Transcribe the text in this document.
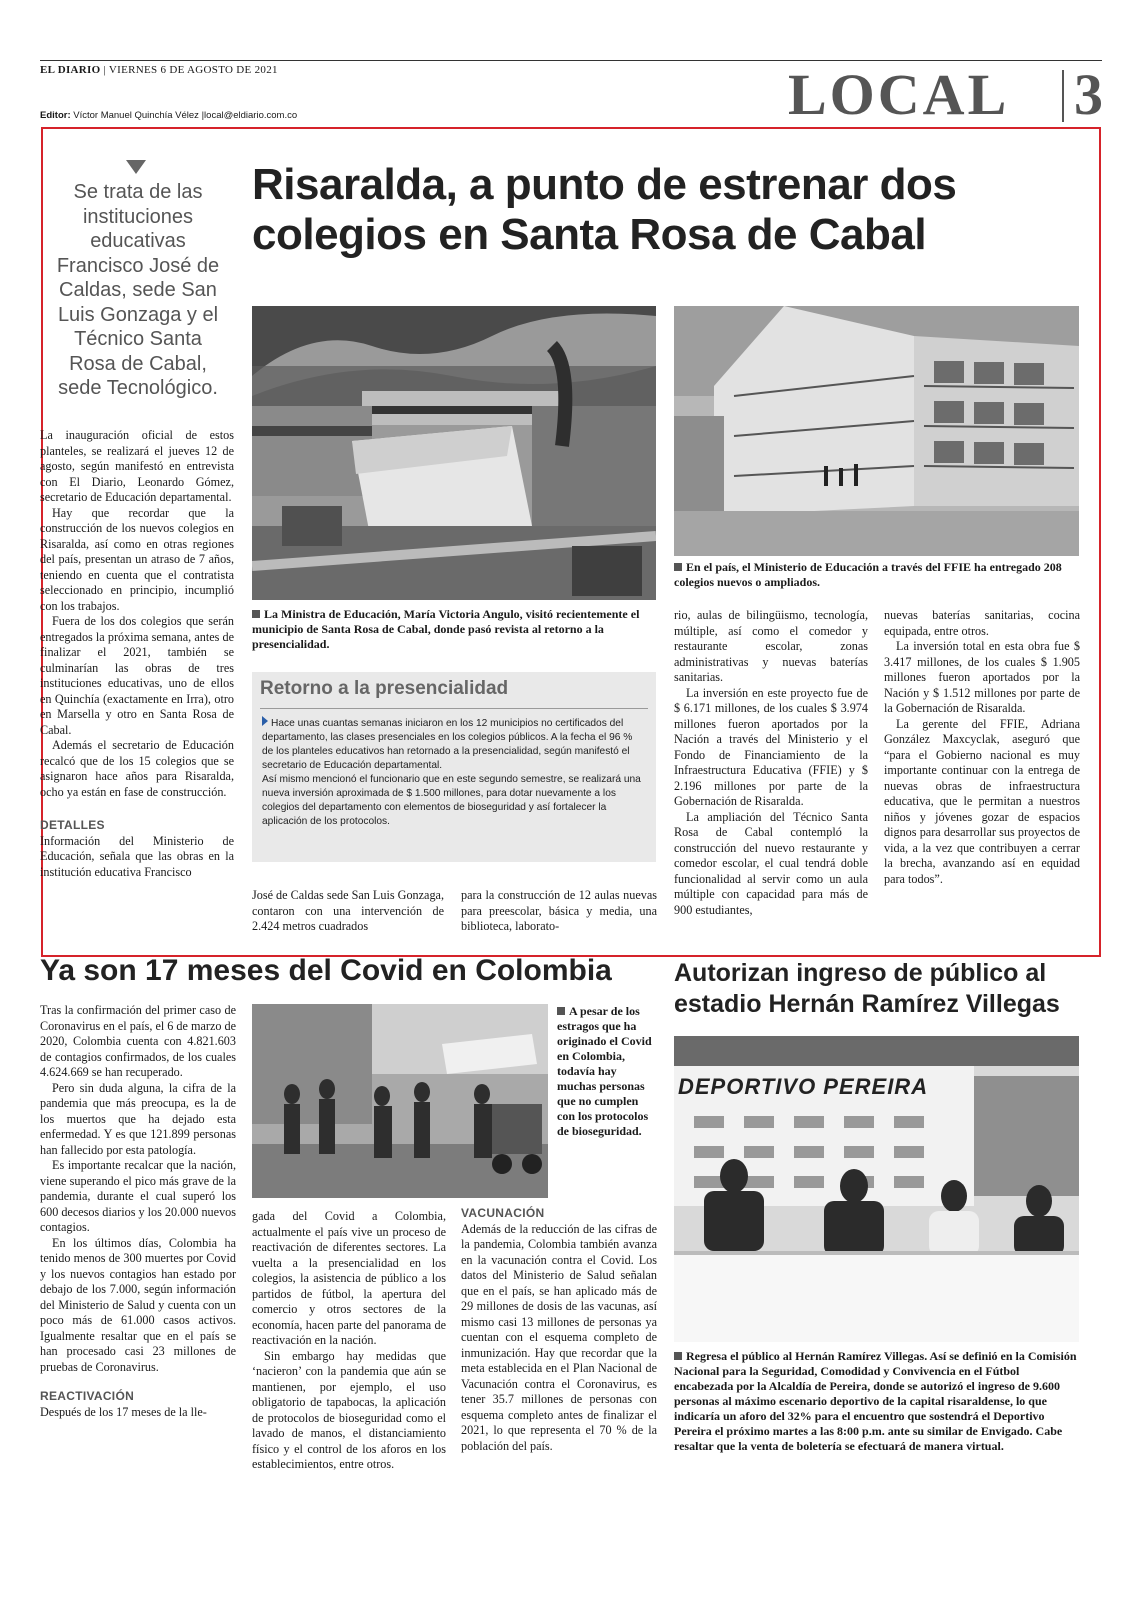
EL DIARIO | VIERNES 6 DE AGOSTO DE 2021
Editor: Víctor Manuel Quinchía Vélez |local@eldiario.com.co	LOCAL 3
Se trata de las instituciones educativas Francisco José de Caldas, sede San Luis Gonzaga y el Técnico Santa Rosa de Cabal, sede Tecnológico.
Risaralda, a punto de estrenar dos colegios en Santa Rosa de Cabal
La Ministra de Educación, María Victoria Angulo, visitó recientemente el municipio de Santa Rosa de Cabal, donde pasó revista al retorno a la presencialidad.
En el país, el Ministerio de Educación a través del FFIE ha entregado 208 colegios nuevos o ampliados.

La inauguración oficial de estos planteles, se realizará el jueves 12 de agosto, según manifestó en entrevista con El Diario, Leonardo Gómez, secretario de Educación departamental.

Hay que recordar que la construcción de los nuevos colegios en Risaralda, así como en otras regiones del país, presentan un atraso de 7 años, teniendo en cuenta que el contratista seleccionado en principio, incumplió con los trabajos.

Fuera de los dos colegios que serán entregados la próxima semana, antes de finalizar el 2021, también se culminarían las obras de tres instituciones educativas, uno de ellos en Quinchía (exactamente en Irra), otro en Marsella y otro en Santa Rosa de Cabal.

Además el secretario de Educación recalcó que de los 15 colegios que se asignaron hace años para Risaralda, ocho ya están en fase de construcción.

DETALLES

Información del Ministerio de Educación, señala que las obras en la institución educativa Francisco

Retorno a la presencialidad
Hace unas cuantas semanas iniciaron en los 12 municipios no certificados del departamento, las clases presenciales en los colegios públicos. A la fecha el 96 % de los planteles educativos han retornado a la presencialidad, según manifestó el secretario de Educación departamental.
Así mismo mencionó el funcionario que en este segundo semestre, se realizará una nueva inversión aproximada de $ 1.500 millones, para dotar nuevamente a los colegios del departamento con elementos de bioseguridad y así fortalecer la aplicación de los protocolos.

José de Caldas sede San Luis Gonzaga, contaron con una intervención de 2.424 metros cuadrados

para la construcción de 12 aulas nuevas para preescolar, básica y media, una biblioteca, laborato-

rio, aulas de bilingüismo, tecnología, múltiple, así como el comedor y restaurante escolar, zonas administrativas y nuevas baterías sanitarias.

La inversión en este proyecto fue de $ 6.171 millones, de los cuales $ 3.974 millones fueron aportados por la Nación a través del Ministerio y el Fondo de Financiamiento de la Infraestructura Educativa (FFIE) y $ 2.196 millones por parte de la Gobernación de Risaralda.

La ampliación del Técnico Santa Rosa de Cabal contempló la construcción del nuevo restaurante y comedor escolar, el cual tendrá doble funcionalidad al servir como un aula múltiple con capacidad para más de 900 estudiantes,

nuevas baterías sanitarias, cocina equipada, entre otros.

La inversión total en esta obra fue $ 3.417 millones, de los cuales $ 1.905 millones fueron aportados por la Nación y $ 1.512 millones por parte de la Gobernación de Risaralda.

La gerente del FFIE, Adriana González Maxcyclak, aseguró que “para el Gobierno nacional es muy importante continuar con la entrega de nuevas obras de infraestructura educativa, que le permitan a nuestros niños y jóvenes gozar de espacios dignos para desarrollar sus proyectos de vida, a la vez que contribuyen a cerrar la brecha, avanzando así en equidad para todos”.

Ya son 17 meses del Covid en Colombia

Tras la confirmación del primer caso de Coronavirus en el país, el 6 de marzo de 2020, Colombia cuenta con 4.821.603 de contagios confirmados, de los cuales 4.624.669 se han recuperado.

Pero sin duda alguna, la cifra de la pandemia que más preocupa, es la de los muertos que ha dejado esta enfermedad. Y es que 121.899 personas han fallecido por esta patología.

Es importante recalcar que la nación, viene superando el pico más grave de la pandemia, durante el cual superó los 600 decesos diarios y los 20.000 nuevos contagios.

En los últimos días, Colombia ha tenido menos de 300 muertes por Covid y los nuevos contagios han estado por debajo de los 7.000, según información del Ministerio de Salud y cuenta con un poco más de 61.000 casos activos. Igualmente resaltar que en el país se han procesado casi 23 millones de pruebas de Coronavirus.

REACTIVACIÓN

Después de los 17 meses de la lle-

A pesar de los estragos que ha originado el Covid en Colombia, todavía hay muchas personas que no cumplen con los protocolos de bioseguridad.

gada del Covid a Colombia, actualmente el país vive un proceso de reactivación de diferentes sectores. La vuelta a la presencialidad en los colegios, la asistencia de público a los partidos de fútbol, la apertura del comercio y otros sectores de la economía, hacen parte del panorama de reactivación en la nación.

Sin embargo hay medidas que ‘nacieron’ con la pandemia que aún se mantienen, por ejemplo, el uso obligatorio de tapabocas, la aplicación de protocolos de bioseguridad como el lavado de manos, el distanciamiento físico y el control de los aforos en los establecimientos, entre otros.

VACUNACIÓN

Además de la reducción de las cifras de la pandemia, Colombia también avanza en la vacunación contra el Covid. Los datos del Ministerio de Salud señalan que en el país, se han aplicado más de 29 millones de dosis de las vacunas, así mismo casi 13 millones de personas ya cuentan con el esquema completo de inmunización. Hay que recordar que la meta establecida en el Plan Nacional de Vacunación contra el Coronavirus, es tener 35.7 millones de personas con esquema completo antes de finalizar el 2021, lo que representa el 70 % de la población del país.

Autorizan ingreso de público al estadio Hernán Ramírez Villegas
DEPORTIVO PEREIRA
Regresa el público al Hernán Ramírez Villegas. Así se definió en la Comisión Nacional para la Seguridad, Comodidad y Convivencia en el Fútbol encabezada por la Alcaldía de Pereira, donde se autorizó el ingreso de 9.600 personas al máximo escenario deportivo de la capital risaraldense, lo que indicaría un aforo del 32% para el encuentro que sostendrá el Deportivo Pereira el próximo martes a las 8:00 p.m. ante su similar de Envigado. Cabe resaltar que la venta de boletería se efectuará de manera virtual.
